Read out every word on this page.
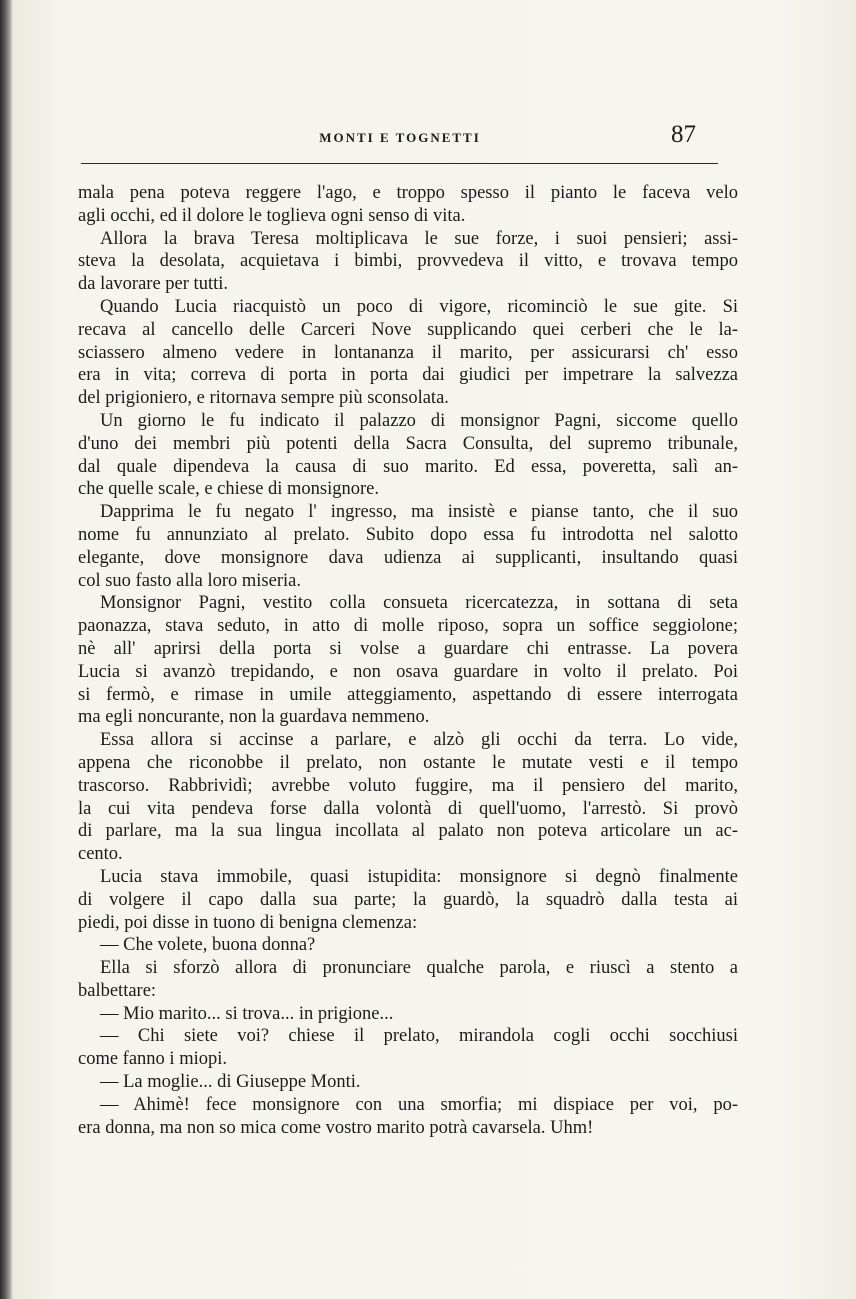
MONTI E TOGNETTI	87
mala pena poteva reggere l'ago, e troppo spesso il pianto le faceva velo
agli occhi, ed il dolore le toglieva ogni senso di vita.
Allora la brava Teresa moltiplicava le sue forze, i suoi pensieri; assi-
steva la desolata, acquietava i bimbi, provvedeva il vitto, e trovava tempo
da lavorare per tutti.
Quando Lucia riacquistò un poco di vigore, ricominciò le sue gite. Si
recava al cancello delle Carceri Nove supplicando quei cerberi che le la-
sciassero almeno vedere in lontananza il marito, per assicurarsi ch' esso
era in vita; correva di porta in porta dai giudici per impetrare la salvezza
del prigioniero, e ritornava sempre più sconsolata.
Un giorno le fu indicato il palazzo di monsignor Pagni, siccome quello
d'uno dei membri più potenti della Sacra Consulta, del supremo tribunale,
dal quale dipendeva la causa di suo marito. Ed essa, poveretta, salì an-
che quelle scale, e chiese di monsignore.
Dapprima le fu negato l' ingresso, ma insistè e pianse tanto, che il suo
nome fu annunziato al prelato. Subito dopo essa fu introdotta nel salotto
elegante, dove monsignore dava udienza ai supplicanti, insultando quasi
col suo fasto alla loro miseria.
Monsignor Pagni, vestito colla consueta ricercatezza, in sottana di seta
paonazza, stava seduto, in atto di molle riposo, sopra un soffice seggiolone;
nè all' aprirsi della porta si volse a guardare chi entrasse. La povera
Lucia si avanzò trepidando, e non osava guardare in volto il prelato. Poi
si fermò, e rimase in umile atteggiamento, aspettando di essere interrogata
ma egli noncurante, non la guardava nemmeno.
Essa allora si accinse a parlare, e alzò gli occhi da terra. Lo vide,
appena che riconobbe il prelato, non ostante le mutate vesti e il tempo
trascorso. Rabbrividì; avrebbe voluto fuggire, ma il pensiero del marito,
la cui vita pendeva forse dalla volontà di quell'uomo, l'arrestò. Si provò
di parlare, ma la sua lingua incollata al palato non poteva articolare un ac-
cento.
Lucia stava immobile, quasi istupidita: monsignore si degnò finalmente
di volgere il capo dalla sua parte; la guardò, la squadrò dalla testa ai
piedi, poi disse in tuono di benigna clemenza:
— Che volete, buona donna?
Ella si sforzò allora di pronunciare qualche parola, e riuscì a stento a
balbettare:
— Mio marito... si trova... in prigione...
— Chi siete voi? chiese il prelato, mirandola cogli occhi socchiusi
come fanno i miopi.
— La moglie... di Giuseppe Monti.
— Ahimè! fece monsignore con una smorfia; mi dispiace per voi, po-
era donna, ma non so mica come vostro marito potrà cavarsela. Uhm!
